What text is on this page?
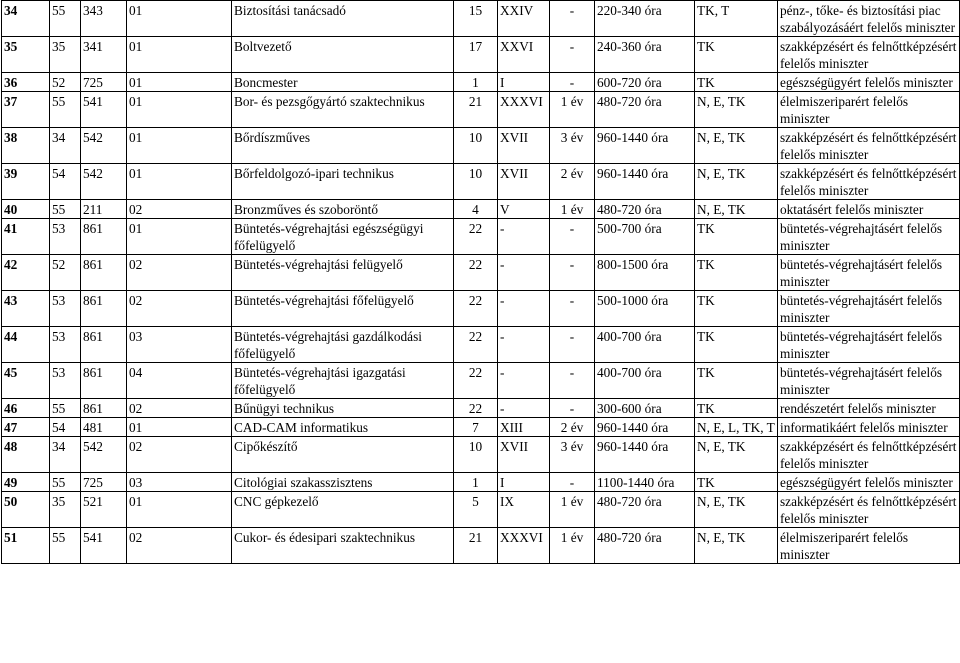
34	55	343	01	Biztosítási tanácsadó	15	XXIV	-	220-340 óra	TK, T	pénz-, tőke- és biztosítási piac szabályozásáért felelős miniszter
35	35	341	01	Boltvezető	17	XXVI	-	240-360 óra	TK	szakképzésért és felnőttképzésért felelős miniszter
36	52	725	01	Boncmester	1	I	-	600-720 óra	TK	egészségügyért felelős miniszter
37	55	541	01	Bor- és pezsgőgyártó szaktechnikus	21	XXXVI	1 év	480-720 óra	N, E, TK	élelmiszeriparért felelős miniszter
38	34	542	01	Bőrdíszműves	10	XVII	3 év	960-1440 óra	N, E, TK	szakképzésért és felnőttképzésért felelős miniszter
39	54	542	01	Bőrfeldolgozó-ipari technikus	10	XVII	2 év	960-1440 óra	N, E, TK	szakképzésért és felnőttképzésért felelős miniszter
40	55	211	02	Bronzműves és szoboröntő	4	V	1 év	480-720 óra	N, E, TK	oktatásért felelős miniszter
41	53	861	01	Büntetés-végrehajtási egészségügyi főfelügyelő	22	-	-	500-700 óra	TK	büntetés-végrehajtásért felelős miniszter
42	52	861	02	Büntetés-végrehajtási felügyelő	22	-	-	800-1500 óra	TK	büntetés-végrehajtásért felelős miniszter
43	53	861	02	Büntetés-végrehajtási főfelügyelő	22	-	-	500-1000 óra	TK	büntetés-végrehajtásért felelős miniszter
44	53	861	03	Büntetés-végrehajtási gazdálkodási főfelügyelő	22	-	-	400-700 óra	TK	büntetés-végrehajtásért felelős miniszter
45	53	861	04	Büntetés-végrehajtási igazgatási főfelügyelő	22	-	-	400-700 óra	TK	büntetés-végrehajtásért felelős miniszter
46	55	861	02	Bűnügyi technikus	22	-	-	300-600 óra	TK	rendészetért felelős miniszter
47	54	481	01	CAD-CAM informatikus	7	XIII	2 év	960-1440 óra	N, E, L, TK, T	informatikáért felelős miniszter
48	34	542	02	Cipőkészítő	10	XVII	3 év	960-1440 óra	N, E, TK	szakképzésért és felnőttképzésért felelős miniszter
49	55	725	03	Citológiai szakasszisztens	1	I	-	1100-1440 óra	TK	egészségügyért felelős miniszter
50	35	521	01	CNC gépkezelő	5	IX	1 év	480-720 óra	N, E, TK	szakképzésért és felnőttképzésért felelős miniszter
51	55	541	02	Cukor- és édesipari szaktechnikus	21	XXXVI	1 év	480-720 óra	N, E, TK	élelmiszeriparért felelős miniszter
